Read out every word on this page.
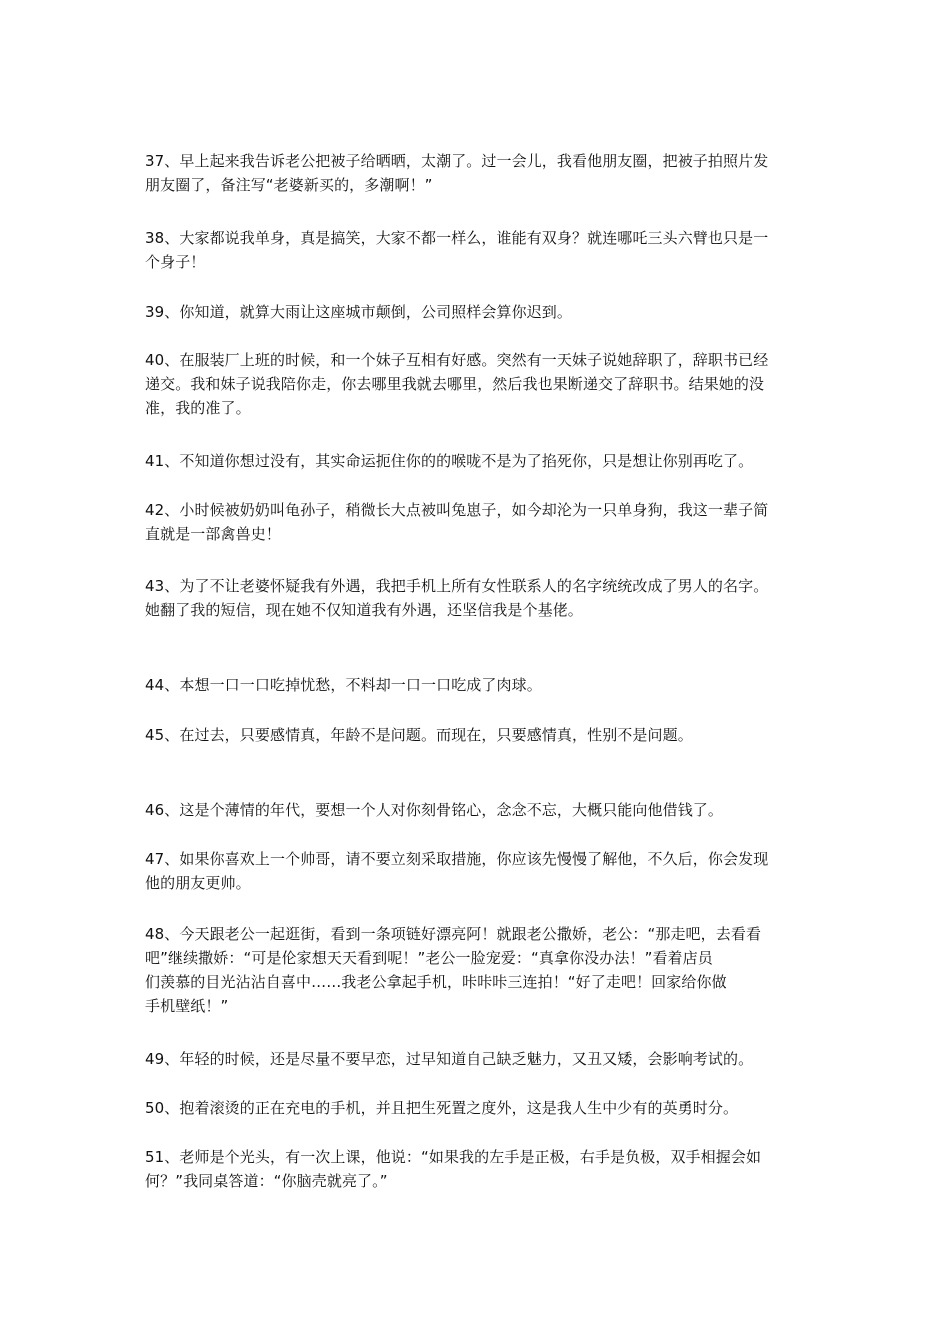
37、早上起来我告诉老公把被子给晒晒，太潮了。过一会儿，我看他朋友圈，把被子拍照片发
朋友圈了，备注写“老婆新买的，多潮啊！”

38、大家都说我单身，真是搞笑，大家不都一样么，谁能有双身？就连哪吒三头六臂也只是一
个身子！

39、你知道，就算大雨让这座城市颠倒，公司照样会算你迟到。

40、在服装厂上班的时候，和一个妹子互相有好感。突然有一天妹子说她辞职了，辞职书已经
递交。我和妹子说我陪你走，你去哪里我就去哪里，然后我也果断递交了辞职书。结果她的没
准，我的准了。

41、不知道你想过没有，其实命运扼住你的的喉咙不是为了掐死你，只是想让你别再吃了。

42、小时候被奶奶叫龟孙子，稍微长大点被叫兔崽子，如今却沦为一只单身狗，我这一辈子简
直就是一部禽兽史！

43、为了不让老婆怀疑我有外遇，我把手机上所有女性联系人的名字统统改成了男人的名字。
她翻了我的短信，现在她不仅知道我有外遇，还坚信我是个基佬。

44、本想一口一口吃掉忧愁，不料却一口一口吃成了肉球。

45、在过去，只要感情真，年龄不是问题。而现在，只要感情真，性别不是问题。

46、这是个薄情的年代，要想一个人对你刻骨铭心，念念不忘，大概只能向他借钱了。

47、如果你喜欢上一个帅哥，请不要立刻采取措施，你应该先慢慢了解他，不久后，你会发现
他的朋友更帅。

48、今天跟老公一起逛街，看到一条项链好漂亮阿！就跟老公撒娇，老公：“那走吧，去看看
吧”继续撒娇：“可是伦家想天天看到呢！”老公一脸宠爱：“真拿你没办法！”看着店员
们羡慕的目光沾沾自喜中……我老公拿起手机，咔咔咔三连拍！“好了走吧！回家给你做
手机壁纸！”

49、年轻的时候，还是尽量不要早恋，过早知道自己缺乏魅力，又丑又矮，会影响考试的。

50、抱着滚烫的正在充电的手机，并且把生死置之度外，这是我人生中少有的英勇时分。

51、老师是个光头，有一次上课，他说：“如果我的左手是正极，右手是负极，双手相握会如
何？”我同桌答道：“你脑壳就亮了。”
